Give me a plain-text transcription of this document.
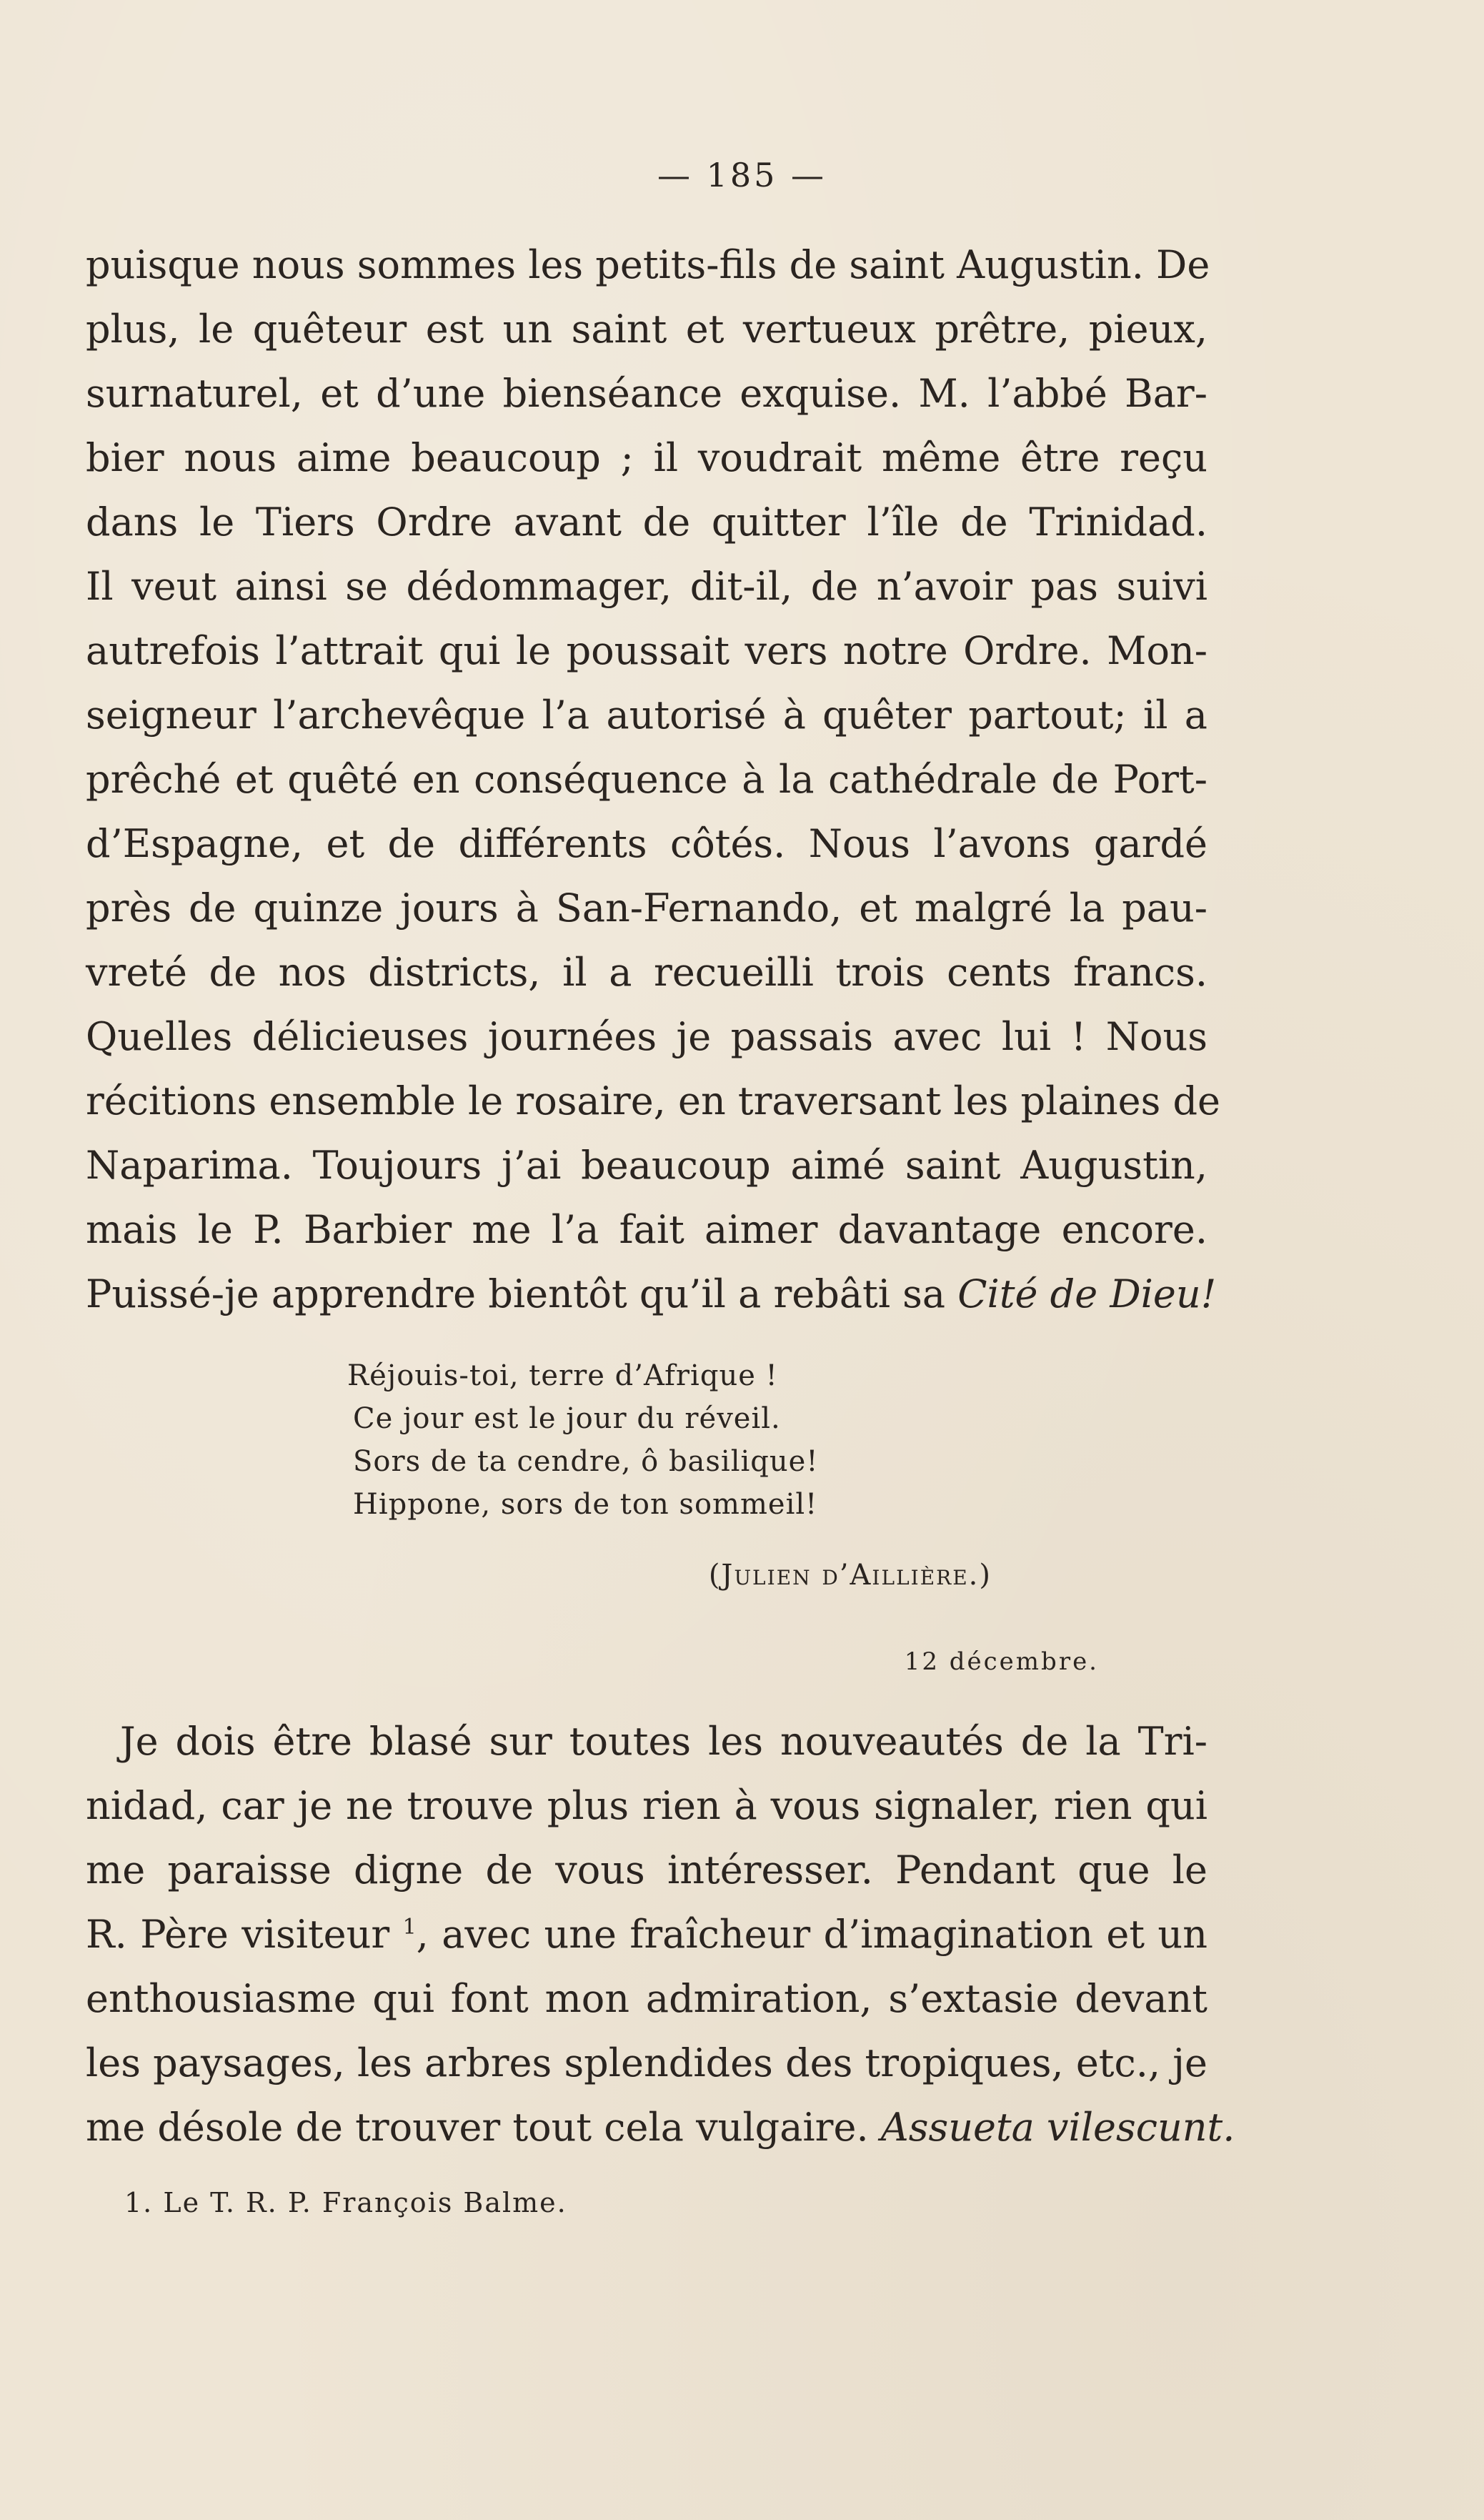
— 185 —
puisque nous sommes les petits-fils de saint Augustin. De
plus, le quêteur est un saint et vertueux prêtre, pieux,
surnaturel, et d’une bienséance exquise. M. l’abbé Bar-
bier nous aime beaucoup ; il voudrait même être reçu
dans le Tiers Ordre avant de quitter l’île de Trinidad.
Il veut ainsi se dédommager, dit-il, de n’avoir pas suivi
autrefois l’attrait qui le poussait vers notre Ordre. Mon-
seigneur l’archevêque l’a autorisé à quêter partout; il a
prêché et quêté en conséquence à la cathédrale de Port-
d’Espagne, et de différents côtés. Nous l’avons gardé
près de quinze jours à San-Fernando, et malgré la pau-
vreté de nos districts, il a recueilli trois cents francs.
Quelles délicieuses journées je passais avec lui ! Nous
récitions ensemble le rosaire, en traversant les plaines de
Naparima. Toujours j’ai beaucoup aimé saint Augustin,
mais le P. Barbier me l’a fait aimer davantage encore.
Puissé-je apprendre bientôt qu’il a rebâti sa Cité de Dieu!
Réjouis-toi, terre d’Afrique !
Ce jour est le jour du réveil.
Sors de ta cendre, ô basilique!
Hippone, sors de ton sommeil!
(Julien d’Aillière.)
12 décembre.
Je dois être blasé sur toutes les nouveautés de la Tri-
nidad, car je ne trouve plus rien à vous signaler, rien qui
me paraisse digne de vous intéresser. Pendant que le
R. Père visiteur $^1$, avec une fraîcheur d’imagination et un
enthousiasme qui font mon admiration, s’extasie devant
les paysages, les arbres splendides des tropiques, etc., je
me désole de trouver tout cela vulgaire. Assueta vilescunt.
1. Le T. R. P. François Balme.
